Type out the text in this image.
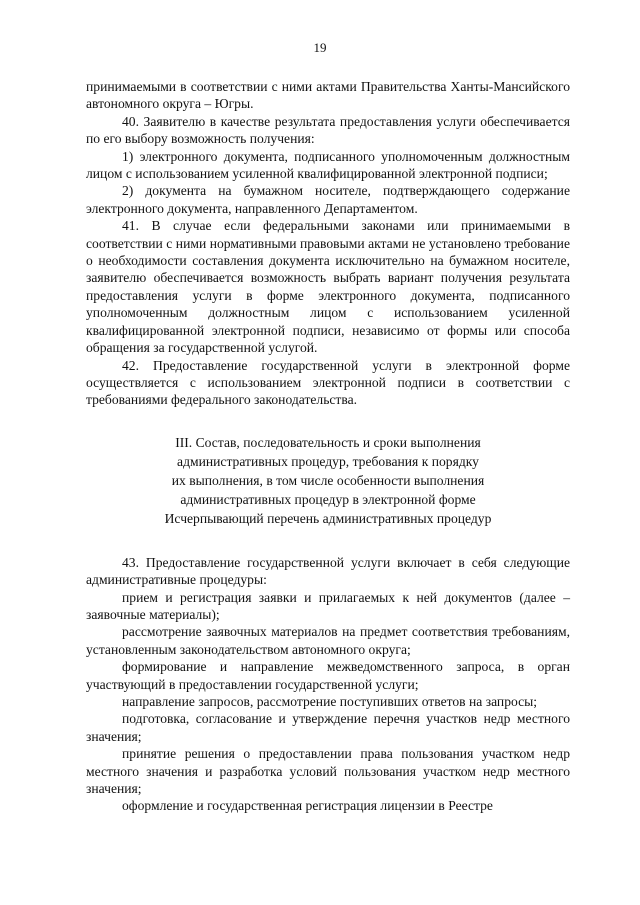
19

принимаемыми в соответствии с ними актами Правительства Ханты-Мансийского автономного округа – Югры.

40. Заявителю в качестве результата предоставления услуги обеспечивается по его выбору возможность получения:

1) электронного документа, подписанного уполномоченным должностным лицом с использованием усиленной квалифицированной электронной подписи;

2) документа на бумажном носителе, подтверждающего содержание электронного документа, направленного Департаментом.

41. В случае если федеральными законами или принимаемыми в соответствии с ними нормативными правовыми актами не установлено требование о необходимости составления документа исключительно на бумажном носителе, заявителю обеспечивается возможность выбрать вариант получения результата предоставления услуги в форме электронного документа, подписанного уполномоченным должностным лицом с использованием усиленной квалифицированной электронной подписи, независимо от формы или способа обращения за государственной услугой.

42. Предоставление государственной услуги в электронной форме осуществляется с использованием электронной подписи в соответствии с требованиями федерального законодательства.

III. Состав, последовательность и сроки выполнения
административных процедур, требования к порядку
их выполнения, в том числе особенности выполнения
административных процедур в электронной форме
Исчерпывающий перечень административных процедур

43. Предоставление государственной услуги включает в себя следующие административные процедуры:

прием и регистрация заявки и прилагаемых к ней документов (далее – заявочные материалы);

рассмотрение заявочных материалов на предмет соответствия требованиям, установленным законодательством автономного округа;

формирование и направление межведомственного запроса, в орган участвующий в предоставлении государственной услуги;

направление запросов, рассмотрение поступивших ответов на запросы;

подготовка, согласование и утверждение перечня участков недр местного значения;

принятие решения о предоставлении права пользования участком недр местного значения и разработка условий пользования участком недр местного значения;

оформление и государственная регистрация лицензии в Реестре
